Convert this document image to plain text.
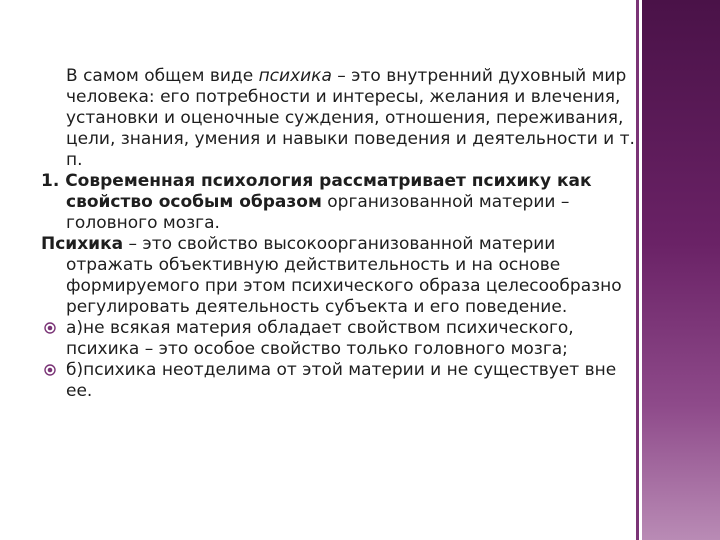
В самом общем виде психика – это внутренний духовный мир человека: его потребности и интересы, желания и влечения, установки и оценочные суждения, отношения, переживания, цели, знания, умения и навыки поведения и деятельности и т. п.

1. Современная психология рассматривает психику как свойство особым образом организованной материи – головного мозга.

Психика – это свойство высокоорганизованной материи отражать объективную действительность и на основе формируемого при этом психического образа целесообразно регулировать деятельность субъекта и его поведение.

а)не всякая материя обладает свойством психического, психика – это особое свойство только головного мозга;

б)психика неотделима от этой материи и не существует вне ее.
